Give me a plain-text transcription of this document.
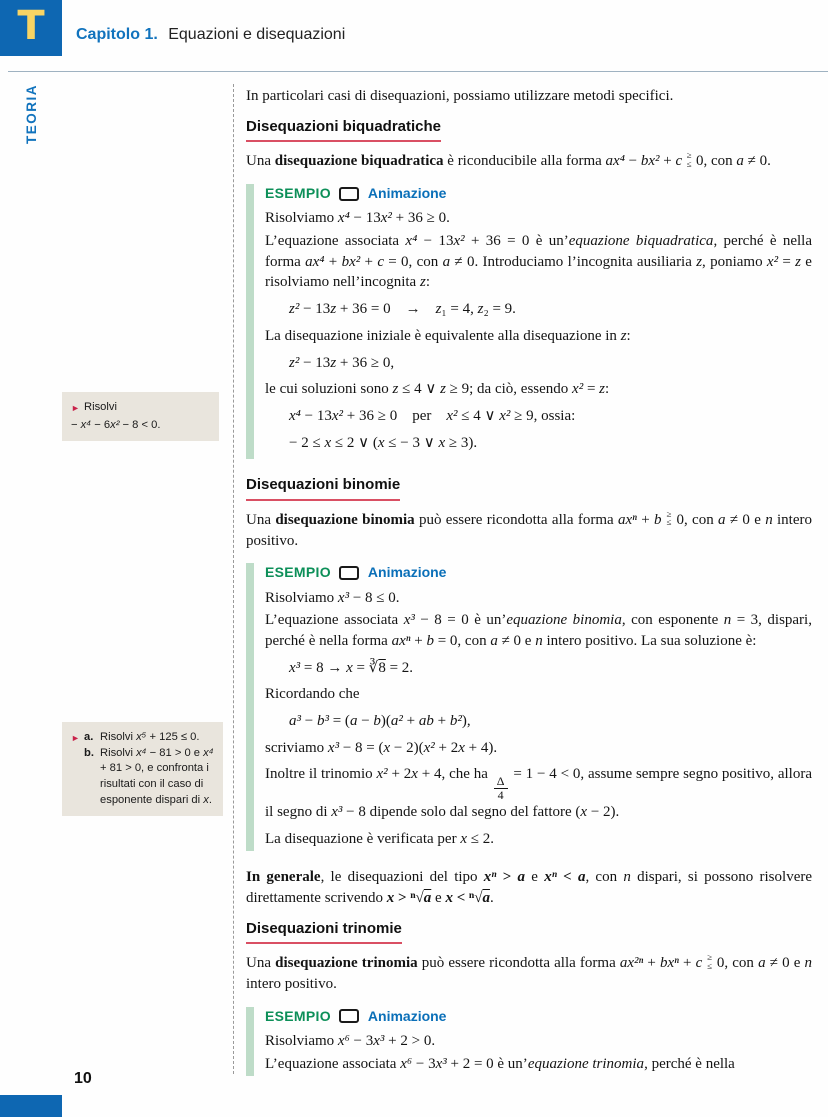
T Capitolo 1. Equazioni e disequazioni
TEORIA	In particolari casi di disequazioni, possiamo utilizzare metodi specifici.

Disequazioni biquadratiche

Una disequazione biquadratica è riconducibile alla forma ax⁴ − bx² + c ≥ ≤ 0, con a ≠ 0.

ESEMPIO	Animazione

Risolviamo x⁴ − 13x² + 36 ≥ 0.

L’equazione associata x⁴ − 13x² + 36 = 0 è un’equazione biquadratica, perché è nella forma ax⁴ + bx² + c = 0, con a ≠ 0. Introduciamo l’incognita ausiliaria z, poniamo x² = z e risolviamo nell’incognita z:

z² − 13z + 36 = 0 → z₁ = 4, z₂ = 9.

La disequazione iniziale è equivalente alla disequazione in z:

z² − 13z + 36 ≥ 0,

le cui soluzioni sono z ≤ 4 ∨ z ≥ 9; da ciò, essendo x² = z:

x⁴ − 13x² + 36 ≥ 0 per x² ≤ 4 ∨ x² ≥ 9, ossia:

− 2 ≤ x ≤ 2 ∨ (x ≤ − 3 ∨ x ≥ 3).

Disequazioni binomie

Una disequazione binomia può essere ricondotta alla forma axⁿ + b ≥ ≤ 0, con a ≠ 0 e n intero positivo.

ESEMPIO	Animazione

Risolviamo x³ − 8 ≤ 0.

L’equazione associata x³ − 8 = 0 è un’equazione binomia, con esponente n = 3, dispari, perché è nella forma axⁿ + b = 0, con a ≠ 0 e n intero positivo. La sua soluzione è:

x³ = 8 → x = ∛8 = 2.

Ricordando che

a³ − b³ = (a − b)(a² + ab + b²),

scriviamo x³ − 8 = (x − 2)(x² + 2x + 4).

Inoltre il trinomio x² + 2x + 4, che ha
$\frac{\Delta}{4}$
= 1 − 4 < 0, assume sempre segno positivo, allora il segno di x³ − 8 dipende solo dal segno del fattore (x − 2).

La disequazione è verificata per x ≤ 2.

In generale, le disequazioni del tipo xⁿ > a e xⁿ < a, con n dispari, si possono risolvere direttamente scrivendo x > ⁿ√a e x < ⁿ√a.

Disequazioni trinomie

Una disequazione trinomia può essere ricondotta alla forma ax²ⁿ + bxⁿ + c ≥ ≤ 0, con a ≠ 0 e n intero positivo.

ESEMPIO	Animazione

Risolviamo x⁶ − 3x³ + 2 > 0.

L’equazione associata x⁶ − 3x³ + 2 = 0 è un’equazione trinomia, perché è nella

► Risolvi
− x⁴ − 6x² − 8 < 0.
► a. Risolvi x⁵ + 125 ≤ 0.
b. Risolvi x⁴ − 81 > 0 e x⁴ + 81 > 0, e confronta i risultati con il caso di esponente dispari di x.
10
